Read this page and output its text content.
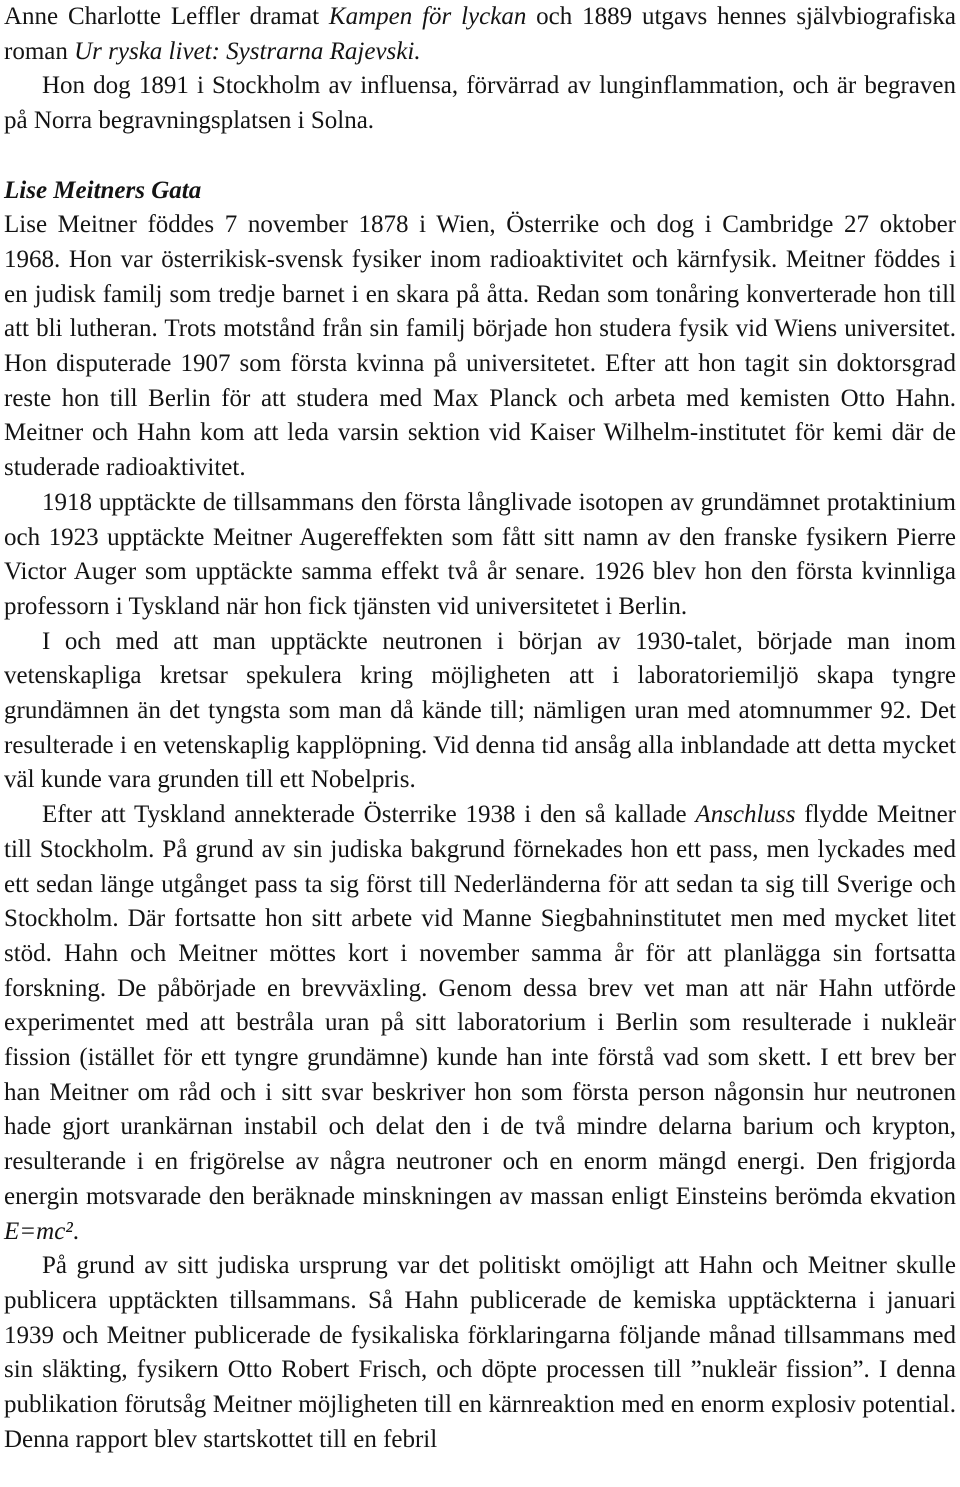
Anne Charlotte Leffler dramat Kampen för lyckan och 1889 utgavs hennes självbiografiska roman Ur ryska livet: Systrarna Rajevski.

Hon dog 1891 i Stockholm av influensa, förvärrad av lunginflammation, och är begraven på Norra begravningsplatsen i Solna.

Lise Meitners Gata

Lise Meitner föddes 7 november 1878 i Wien, Österrike och dog i Cambridge 27 oktober 1968. Hon var österrikisk-svensk fysiker inom radioaktivitet och kärnfysik. Meitner föddes i en judisk familj som tredje barnet i en skara på åtta. Redan som tonåring konverterade hon till att bli lutheran. Trots motstånd från sin familj började hon studera fysik vid Wiens universitet. Hon disputerade 1907 som första kvinna på universitetet. Efter att hon tagit sin doktorsgrad reste hon till Berlin för att studera med Max Planck och arbeta med kemisten Otto Hahn. Meitner och Hahn kom att leda varsin sektion vid Kaiser Wilhelm-institutet för kemi där de studerade radioaktivitet.

1918 upptäckte de tillsammans den första långlivade isotopen av grundämnet protaktinium och 1923 upptäckte Meitner Augereffekten som fått sitt namn av den franske fysikern Pierre Victor Auger som upptäckte samma effekt två år senare. 1926 blev hon den första kvinnliga professorn i Tyskland när hon fick tjänsten vid universitetet i Berlin.

I och med att man upptäckte neutronen i början av 1930-talet, började man inom vetenskapliga kretsar spekulera kring möjligheten att i laboratoriemiljö skapa tyngre grundämnen än det tyngsta som man då kände till; nämligen uran med atomnummer 92. Det resulterade i en vetenskaplig kapplöpning. Vid denna tid ansåg alla inblandade att detta mycket väl kunde vara grunden till ett Nobelpris.

Efter att Tyskland annekterade Österrike 1938 i den så kallade Anschluss flydde Meitner till Stockholm. På grund av sin judiska bakgrund förnekades hon ett pass, men lyckades med ett sedan länge utgånget pass ta sig först till Nederländerna för att sedan ta sig till Sverige och Stockholm. Där fortsatte hon sitt arbete vid Manne Siegbahninstitutet men med mycket litet stöd. Hahn och Meitner möttes kort i november samma år för att planlägga sin fortsatta forskning. De påbörjade en brevväxling. Genom dessa brev vet man att när Hahn utförde experimentet med att bestråla uran på sitt laboratorium i Berlin som resulterade i nukleär fission (istället för ett tyngre grundämne) kunde han inte förstå vad som skett. I ett brev ber han Meitner om råd och i sitt svar beskriver hon som första person någonsin hur neutronen hade gjort urankärnan instabil och delat den i de två mindre delarna barium och krypton, resulterande i en frigörelse av några neutroner och en enorm mängd energi. Den frigjorda energin motsvarade den beräknade minskningen av massan enligt Einsteins berömda ekvation E=mc².

På grund av sitt judiska ursprung var det politiskt omöjligt att Hahn och Meitner skulle publicera upptäckten tillsammans. Så Hahn publicerade de kemiska upptäckterna i januari 1939 och Meitner publicerade de fysikaliska förklaringarna följande månad tillsammans med sin släkting, fysikern Otto Robert Frisch, och döpte processen till ”nukleär fission”. I denna publikation förutsåg Meitner möjligheten till en kärnreaktion med en enorm explosiv potential. Denna rapport blev startskottet till en febril
